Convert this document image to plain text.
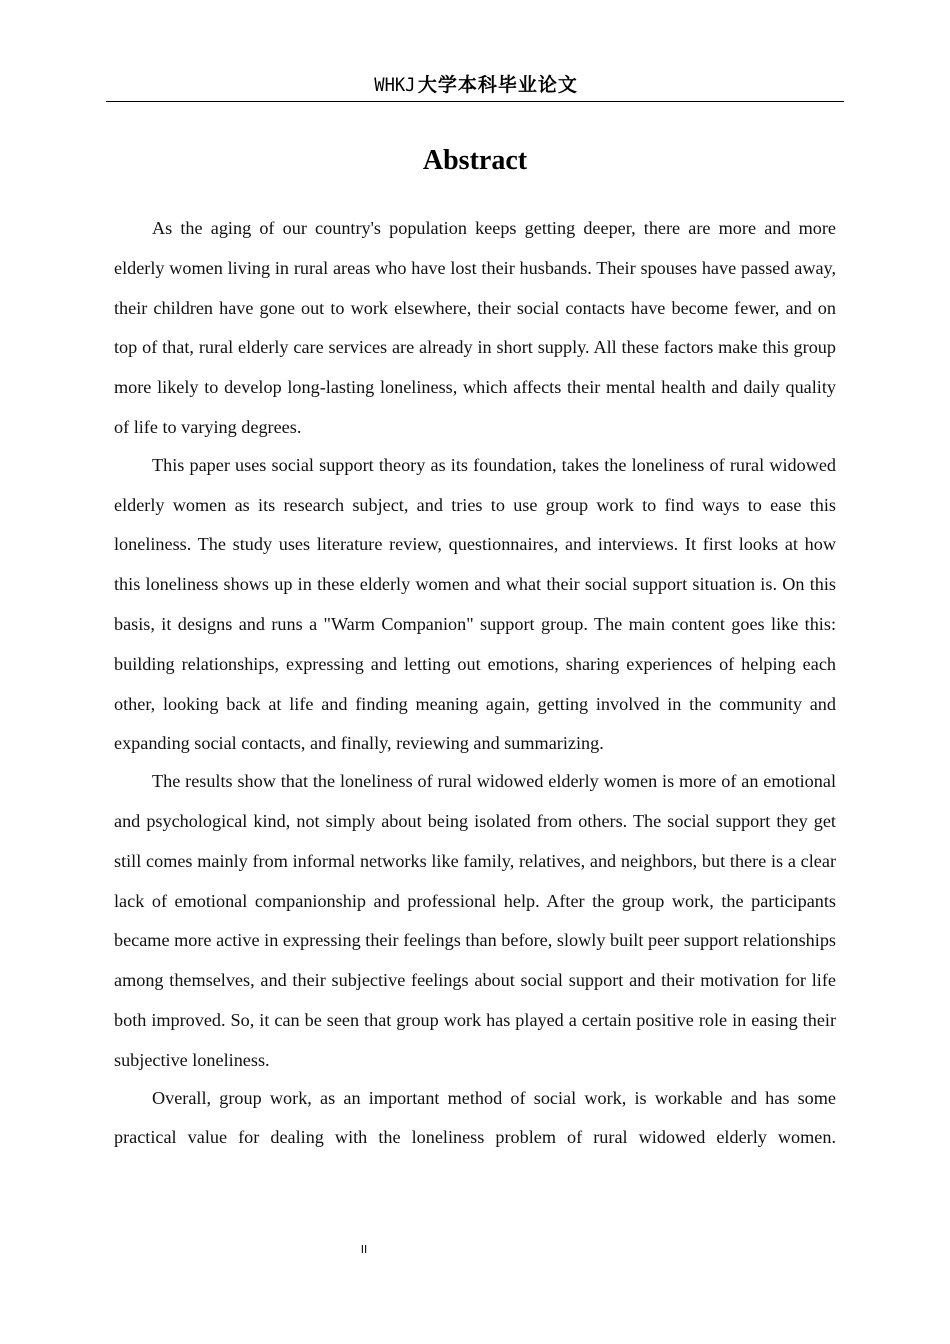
WHKJ 大学本科毕业论文
Abstract

As the aging of our country's population keeps getting deeper, there are more and more elderly women living in rural areas who have lost their husbands. Their spouses have passed away, their children have gone out to work elsewhere, their social contacts have become fewer, and on top of that, rural elderly care services are already in short supply. All these factors make this group more likely to develop long-lasting loneliness, which affects their mental health and daily quality of life to varying degrees.

This paper uses social support theory as its foundation, takes the loneliness of rural widowed elderly women as its research subject, and tries to use group work to find ways to ease this loneliness. The study uses literature review, questionnaires, and interviews. It first looks at how this loneliness shows up in these elderly women and what their social support situation is. On this basis, it designs and runs a "Warm Companion" support group. The main content goes like this: building relationships, expressing and letting out emotions, sharing experiences of helping each other, looking back at life and finding meaning again, getting involved in the community and expanding social contacts, and finally, reviewing and summarizing.

The results show that the loneliness of rural widowed elderly women is more of an emotional and psychological kind, not simply about being isolated from others. The social support they get still comes mainly from informal networks like family, relatives, and neighbors, but there is a clear lack of emotional companionship and professional help. After the group work, the participants became more active in expressing their feelings than before, slowly built peer support relationships among themselves, and their subjective feelings about social support and their motivation for life both improved. So, it can be seen that group work has played a certain positive role in easing their subjective loneliness.

Overall, group work, as an important method of social work, is workable and has some practical value for dealing with the loneliness problem of rural widowed elderly women.

II
